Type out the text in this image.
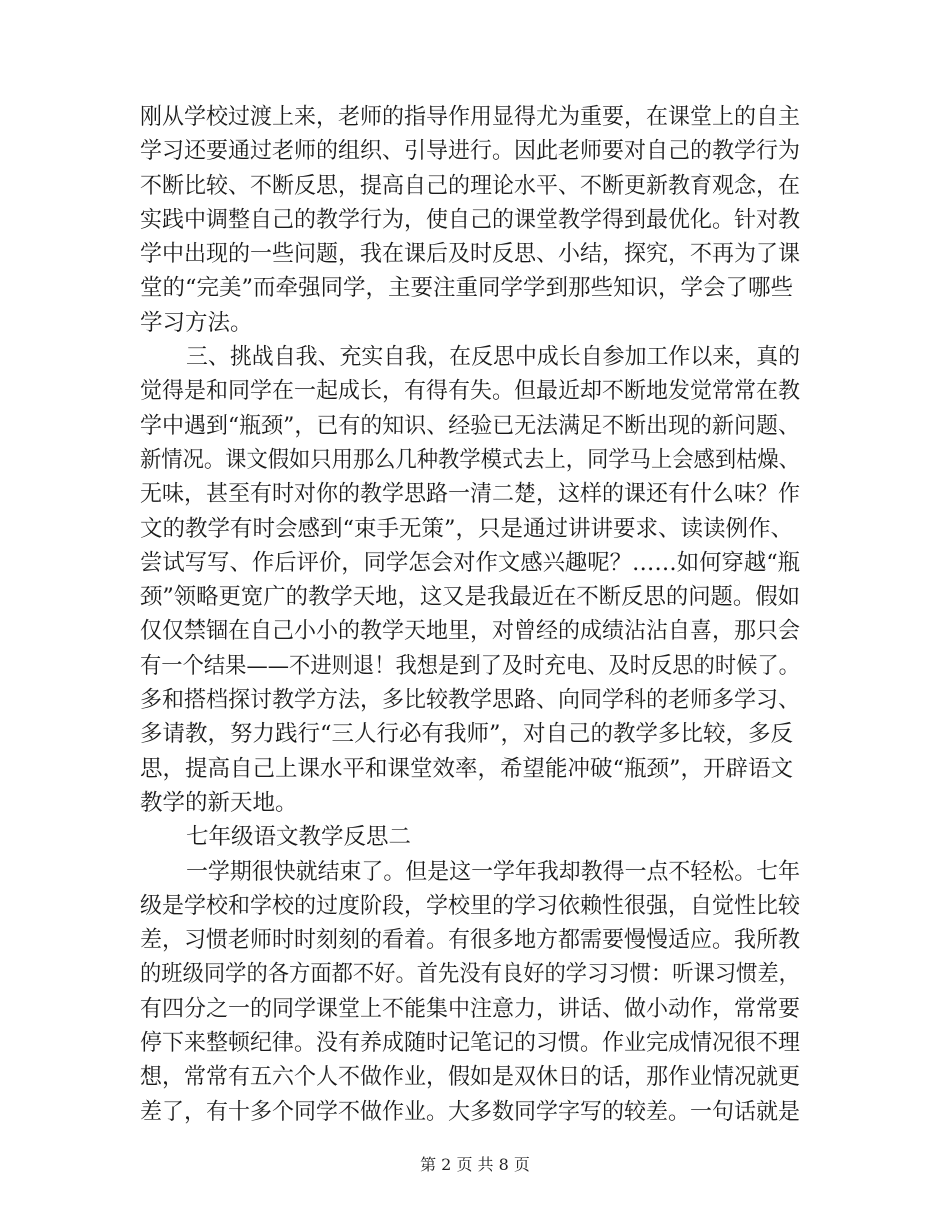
刚从学校过渡上来，老师的指导作用显得尤为重要，在课堂上的自主
学习还要通过老师的组织、引导进行。因此老师要对自己的教学行为
不断比较、不断反思，提高自己的理论水平、不断更新教育观念，在
实践中调整自己的教学行为，使自己的课堂教学得到最优化。针对教
学中出现的一些问题，我在课后及时反思、小结，探究，不再为了课
堂的“完美”而牵强同学，主要注重同学学到那些知识，学会了哪些
学习方法。
三、挑战自我、充实自我，在反思中成长自参加工作以来，真的
觉得是和同学在一起成长，有得有失。但最近却不断地发觉常常在教
学中遇到“瓶颈”，已有的知识、经验已无法满足不断出现的新问题、
新情况。课文假如只用那么几种教学模式去上，同学马上会感到枯燥、
无味，甚至有时对你的教学思路一清二楚，这样的课还有什么味？作
文的教学有时会感到“束手无策”，只是通过讲讲要求、读读例作、
尝试写写、作后评价，同学怎会对作文感兴趣呢？……如何穿越“瓶
颈”领略更宽广的教学天地，这又是我最近在不断反思的问题。假如
仅仅禁锢在自己小小的教学天地里，对曾经的成绩沾沾自喜，那只会
有一个结果——不进则退！我想是到了及时充电、及时反思的时候了。
多和搭档探讨教学方法，多比较教学思路、向同学科的老师多学习、
多请教，努力践行“三人行必有我师”，对自己的教学多比较，多反
思，提高自己上课水平和课堂效率，希望能冲破“瓶颈”，开辟语文
教学的新天地。
七年级语文教学反思二
一学期很快就结束了。但是这一学年我却教得一点不轻松。七年
级是学校和学校的过度阶段，学校里的学习依赖性很强，自觉性比较
差，习惯老师时时刻刻的看着。有很多地方都需要慢慢适应。我所教
的班级同学的各方面都不好。首先没有良好的学习习惯：听课习惯差，
有四分之一的同学课堂上不能集中注意力，讲话、做小动作，常常要
停下来整顿纪律。没有养成随时记笔记的习惯。作业完成情况很不理
想，常常有五六个人不做作业，假如是双休日的话，那作业情况就更
差了，有十多个同学不做作业。大多数同学字写的较差。一句话就是
第 2 页 共 8 页
